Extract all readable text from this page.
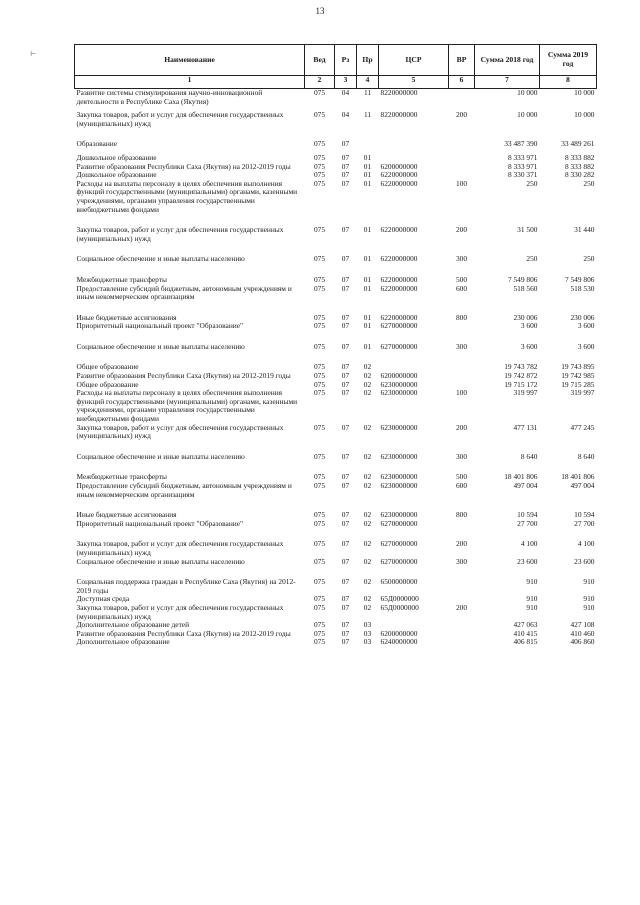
13
⊢
Наименование	Вед	Рз	Пр	ЦСР	ВР	Сумма 2018 год	Сумма 2019 год
1	2	3	4	5	6	7	8
Развитие системы стимулирования научно-инновационной деятельности в Республике Саха (Якутия)	075	04	11	8220000000		10 000	10 000

Закупка товаров, работ и услуг для обеспечения государственных (муниципальных) нужд	075	04	11	8220000000	200	10 000	10 000

Образование	075	07				33 487 390	33 489 261

Дошкольное образование	075	07	01			8 333 971	8 333 882
Развитие образования Республики Саха (Якутия) на 2012-2019 годы	075	07	01	6200000000		8 333 971	8 333 882
Дошкольное образование	075	07	01	6220000000		8 330 371	8 330 282
Расходы на выплаты персоналу в целях обеспечения выполнения функций государственными (муниципальными) органами, казенными учреждениями, органами управления государственными внебюджетными фондами	075	07	01	6220000000	100	250	250

Закупка товаров, работ и услуг для обеспечения государственных (муниципальных) нужд	075	07	01	6220000000	200	31 500	31 440

Социальное обеспечение и иные выплаты населению	075	07	01	6220000000	300	250	250

Межбюджетные трансферты	075	07	01	6220000000	500	7 549 806	7 549 806
Предоставление субсидий бюджетным, автономным учреждениям и иным некоммерческим организациям	075	07	01	6220000000	600	518 560	518 530

Иные бюджетные ассигнования	075	07	01	6220000000	800	230 006	230 006
Приоритетный национальный проект "Образование"	075	07	01	6270000000		3 600	3 600

Социальное обеспечение и иные выплаты населению	075	07	01	6270000000	300	3 600	3 600

Общее образование	075	07	02			19 743 782	19 743 895
Развитие образования Республики Саха (Якутия) на 2012-2019 годы	075	07	02	6200000000		19 742 872	19 742 985
Общее образование	075	07	02	6230000000		19 715 172	19 715 285
Расходы на выплаты персоналу в целях обеспечения выполнения функций государственными (муниципальными) органами, казенными учреждениями, органами управления государственными внебюджетными фондами	075	07	02	6230000000	100	319 997	319 997
Закупка товаров, работ и услуг для обеспечения государственных (муниципальных) нужд	075	07	02	6230000000	200	477 131	477 245

Социальное обеспечение и иные выплаты населению	075	07	02	6230000000	300	8 640	8 640

Межбюджетные трансферты	075	07	02	6230000000	500	18 401 806	18 401 806
Предоставление субсидий бюджетным, автономным учреждениям и иным некоммерческим организациям	075	07	02	6230000000	600	497 004	497 004

Иные бюджетные ассигнования	075	07	02	6230000000	800	10 594	10 594
Приоритетный национальный проект "Образование"	075	07	02	6270000000		27 700	27 700

Закупка товаров, работ и услуг для обеспечения государственных (муниципальных) нужд	075	07	02	6270000000	200	4 100	4 100
Социальное обеспечение и иные выплаты населению	075	07	02	6270000000	300	23 600	23 600

Социальная поддержка граждан в Республике Саха (Якутия) на 2012-2019 годы	075	07	02	6500000000		910	910
Доступная среда	075	07	02	65Д0000000		910	910
Закупка товаров, работ и услуг для обеспечения государственных (муниципальных) нужд	075	07	02	65Д0000000	200	910	910
Дополнительное образование детей	075	07	03			427 063	427 108
Развитие образования Республики Саха (Якутия) на 2012-2019 годы	075	07	03	6200000000		410 415	410 460
Дополнительное образование	075	07	03	6240000000		406 815	406 860
